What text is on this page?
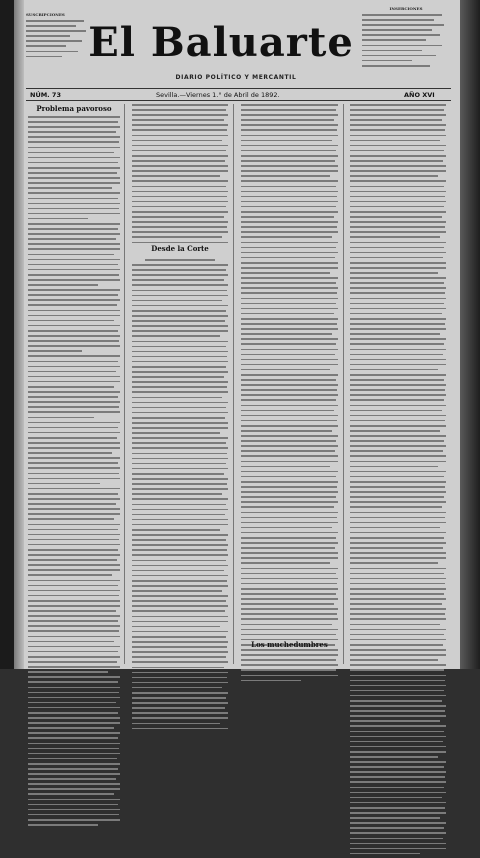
SUSCRIPCIONES
INSERCIONES
El Baluarte
DIARIO POLÍTICO Y MERCANTIL
NÚM. 73	Sevilla.—Viernes 1.° de Abril de 1892.	AÑO XVI
Problema pavoroso
Desde la Corte
Los muchedumbres
